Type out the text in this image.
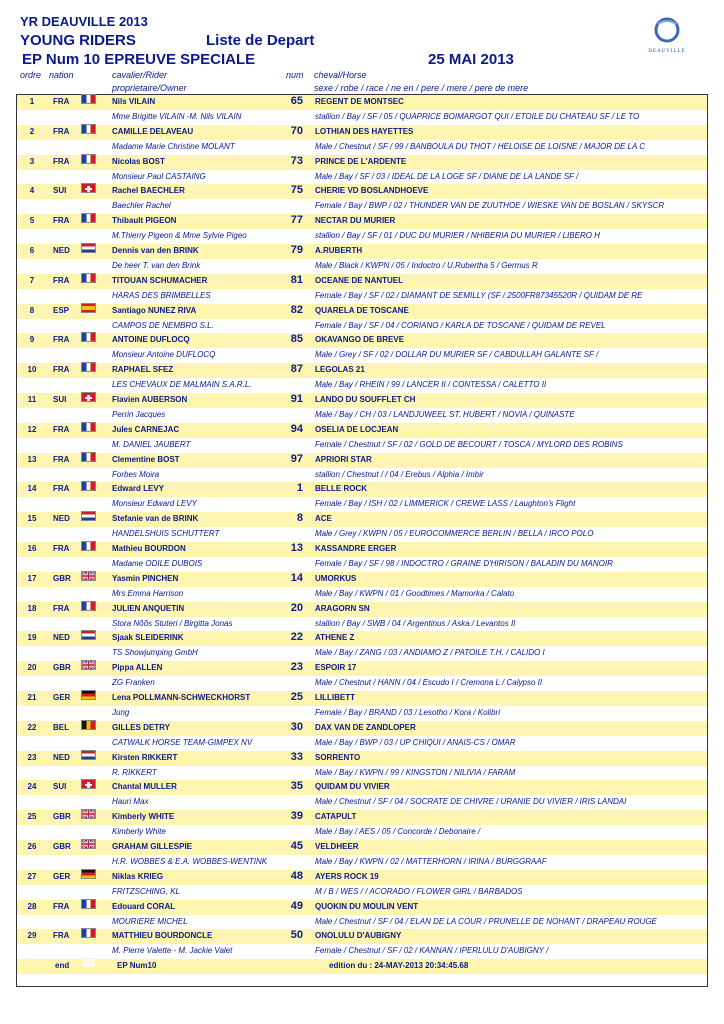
YR DEAUVILLE 2013
YOUNG RIDERS	Liste de Depart
EP Num 10 EPREUVE SPECIALE	25 MAI 2013	DEAUVILLE
ordre nation	cavalier/Rider
proprietaire/Owner
num cheval/Horse
sexe / robe / race / ne en / pere / mere / pere de mere
1	FRA	Nils VILAIN	65 REGENT DE MONTSEC
Mme Brigitte VILAIN -M. Nils VILAIN	stallion / Bay / SF / 05 / QUAPRICE BOIMARGOT QUI / ETOILE DU CHATEAU SF / LE TO
2	FRA	CAMILLE DELAVEAU	70 LOTHIAN DES HAYETTES
Madame Marie Christine MOLANT	Male / Chestnut / SF / 99 / BANBOULA DU THOT / HELOISE DE LOISNE / MAJOR DE LA C
3	FRA	Nicolas BOST	73 PRINCE DE L'ARDENTE
Monsieur Paul CASTAING	Male / Bay / SF / 03 / IDEAL DE LA LOGE SF / DIANE DE LA LANDE SF /
4	SUI	Rachel BAECHLER	75 CHERIE VD BOSLANDHOEVE
Baechler Rachel	Female / Bay / BWP / 02 / THUNDER VAN DE ZUUTHOE / WIESKE VAN DE BOSLAN / SKYSCR
5	FRA	Thibault PIGEON	77 NECTAR DU MURIER
M.Thierry Pigeon & Mme Sylvie Pigeo	stallion / Bay / SF / 01 / DUC DU MURIER / NHIBERIA DU MURIER / LIBERO H
6	NED	Dennis van den BRINK	79 A.RUBERTH
De heer T. van den Brink	Male / Black / KWPN / 05 / Indoctro / U.Rubertha 5 / Germus R
7	FRA	TITOUAN SCHUMACHER	81 OCEANE DE NANTUEL
HARAS DES BRIMBELLES	Female / Bay / SF / 02 / DIAMANT DE SEMILLY (SF / 2500FR87345520R / QUIDAM DE RE
8	ESP	Santiago NUNEZ RIVA	82 QUARELA DE TOSCANE
CAMPOS DE NEMBRO S.L.	Female / Bay / SF / 04 / CORIANO / KARLA DE TOSCANE / QUIDAM DE REVEL
9	FRA	ANTOINE DUFLOCQ	85 OKAVANGO DE BREVE
Monsieur Antoine DUFLOCQ	Male / Grey / SF / 02 / DOLLAR DU MURIER SF / CABDULLAH GALANTE SF /
10	FRA	RAPHAEL SFEZ	87 LEGOLAS 21
LES CHEVAUX DE MALMAIN S.A.R.L.	Male / Bay / RHEIN / 99 / LANCER II / CONTESSA / CALETTO II
11	SUI	Flavien AUBERSON	91 LANDO DU SOUFFLET CH
Perrin Jacques	Male / Bay / CH / 03 / LANDJUWEEL ST. HUBERT / NOVIA / QUINASTE
12	FRA	Jules CARNEJAC	94 OSELIA DE LOCJEAN
M. DANIEL JAUBERT	Female / Chestnut / SF / 02 / GOLD DE BECOURT / TOSCA / MYLORD DES ROBINS
13	FRA	Clementine BOST	97 APRIORI STAR
Forbes Moira	stallion / Chestnut / / 04 / Erebus / Alphia / Imbir
14	FRA	Edward LEVY	1 BELLE ROCK
Monsieur Edward LEVY	Female / Bay / ISH / 02 / LIMMERICK / CREWE LASS / Laughton's Flight
15	NED	Stefanie van de BRINK	8 ACE
HANDELSHUIS SCHUTTERT	Male / Grey / KWPN / 05 / EUROCOMMERCE BERLIN / BELLA / IRCO POLO
16	FRA	Mathieu BOURDON	13 KASSANDRE ERGER
Madame ODILE DUBOIS	Female / Bay / SF / 98 / INDOCTRO / GRAINE D'HIRISON / BALADIN DU MANOIR
17	GBR	Yasmin PINCHEN	14 UMORKUS
Mrs Emma Harrison	Male / Bay / KWPN / 01 / Goodtimes / Mamorka / Calato
18	FRA	JULIEN ANQUETIN	20 ARAGORN SN
Stora Nõõs Stuteri / Birgitta Jonas	stallion / Bay / SWB / 04 / Argentinus / Aska / Levantos II
19	NED	Sjaak SLEIDERINK	22 ATHENE Z
TS Showjumping GmbH	Male / Bay / ZANG / 03 / ANDIAMO Z / PATOILE T.H. / CALIDO I
20	GBR	Pippa ALLEN	23 ESPOIR 17
ZG Franken	Male / Chestnut / HANN / 04 / Escudo I / Cremona L / Calypso II
21	GER	Lena POLLMANN-SCHWECKHORST	25 LILLIBETT
Jung	Female / Bay / BRAND / 03 / Lesotho / Kora / Kolibri
22	BEL	GILLES DETRY	30 DAX VAN DE ZANDLOPER
CATWALK HORSE TEAM-GIMPEX NV	Male / Bay / BWP / 03 / UP CHIQUI / ANAIS-CS / OMAR
23	NED	Kirsten RIKKERT	33 SORRENTO
R. RIKKERT	Male / Bay / KWPN / 99 / KINGSTON / NILIVIA / FARAM
24	SUI	Chantal MULLER	35 QUIDAM DU VIVIER
Hauri Max	Male / Chestnut / SF / 04 / SOCRATE DE CHIVRE / URANIE DU VIVIER / IRIS LANDAI
25	GBR	Kimberly WHITE	39 CATAPULT
Kimberly White	Male / Bay / AES / 05 / Concorde / Debonaire /
26	GBR	GRAHAM GILLESPIE	45 VELDHEER
H.R. WOBBES & E.A. WOBBES-WENTINK	Male / Bay / KWPN / 02 / MATTERHORN / IRINA / BURGGRAAF
27	GER	Niklas KRIEG	48 AYERS ROCK 19
FRITZSCHING, KL	M / B / WES / / ACORADO / FLOWER GIRL / BARBADOS
28	FRA	Edouard CORAL	49 QUOKIN DU MOULIN VENT
MOURIERE MICHEL	Male / Chestnut / SF / 04 / ELAN DE LA COUR / PRUNELLE DE NOHANT / DRAPEAU ROUGE
29	FRA	MATTHIEU BOURDONCLE	50 ONOLULU D'AUBIGNY
M. Pierre Valette - M. Jackie Valet	Female / Chestnut / SF / 02 / KANNAN / IPERLULU D'AUBIGNY /
end	EP Num10	edition du : 24-MAY-2013 20:34:45.68
